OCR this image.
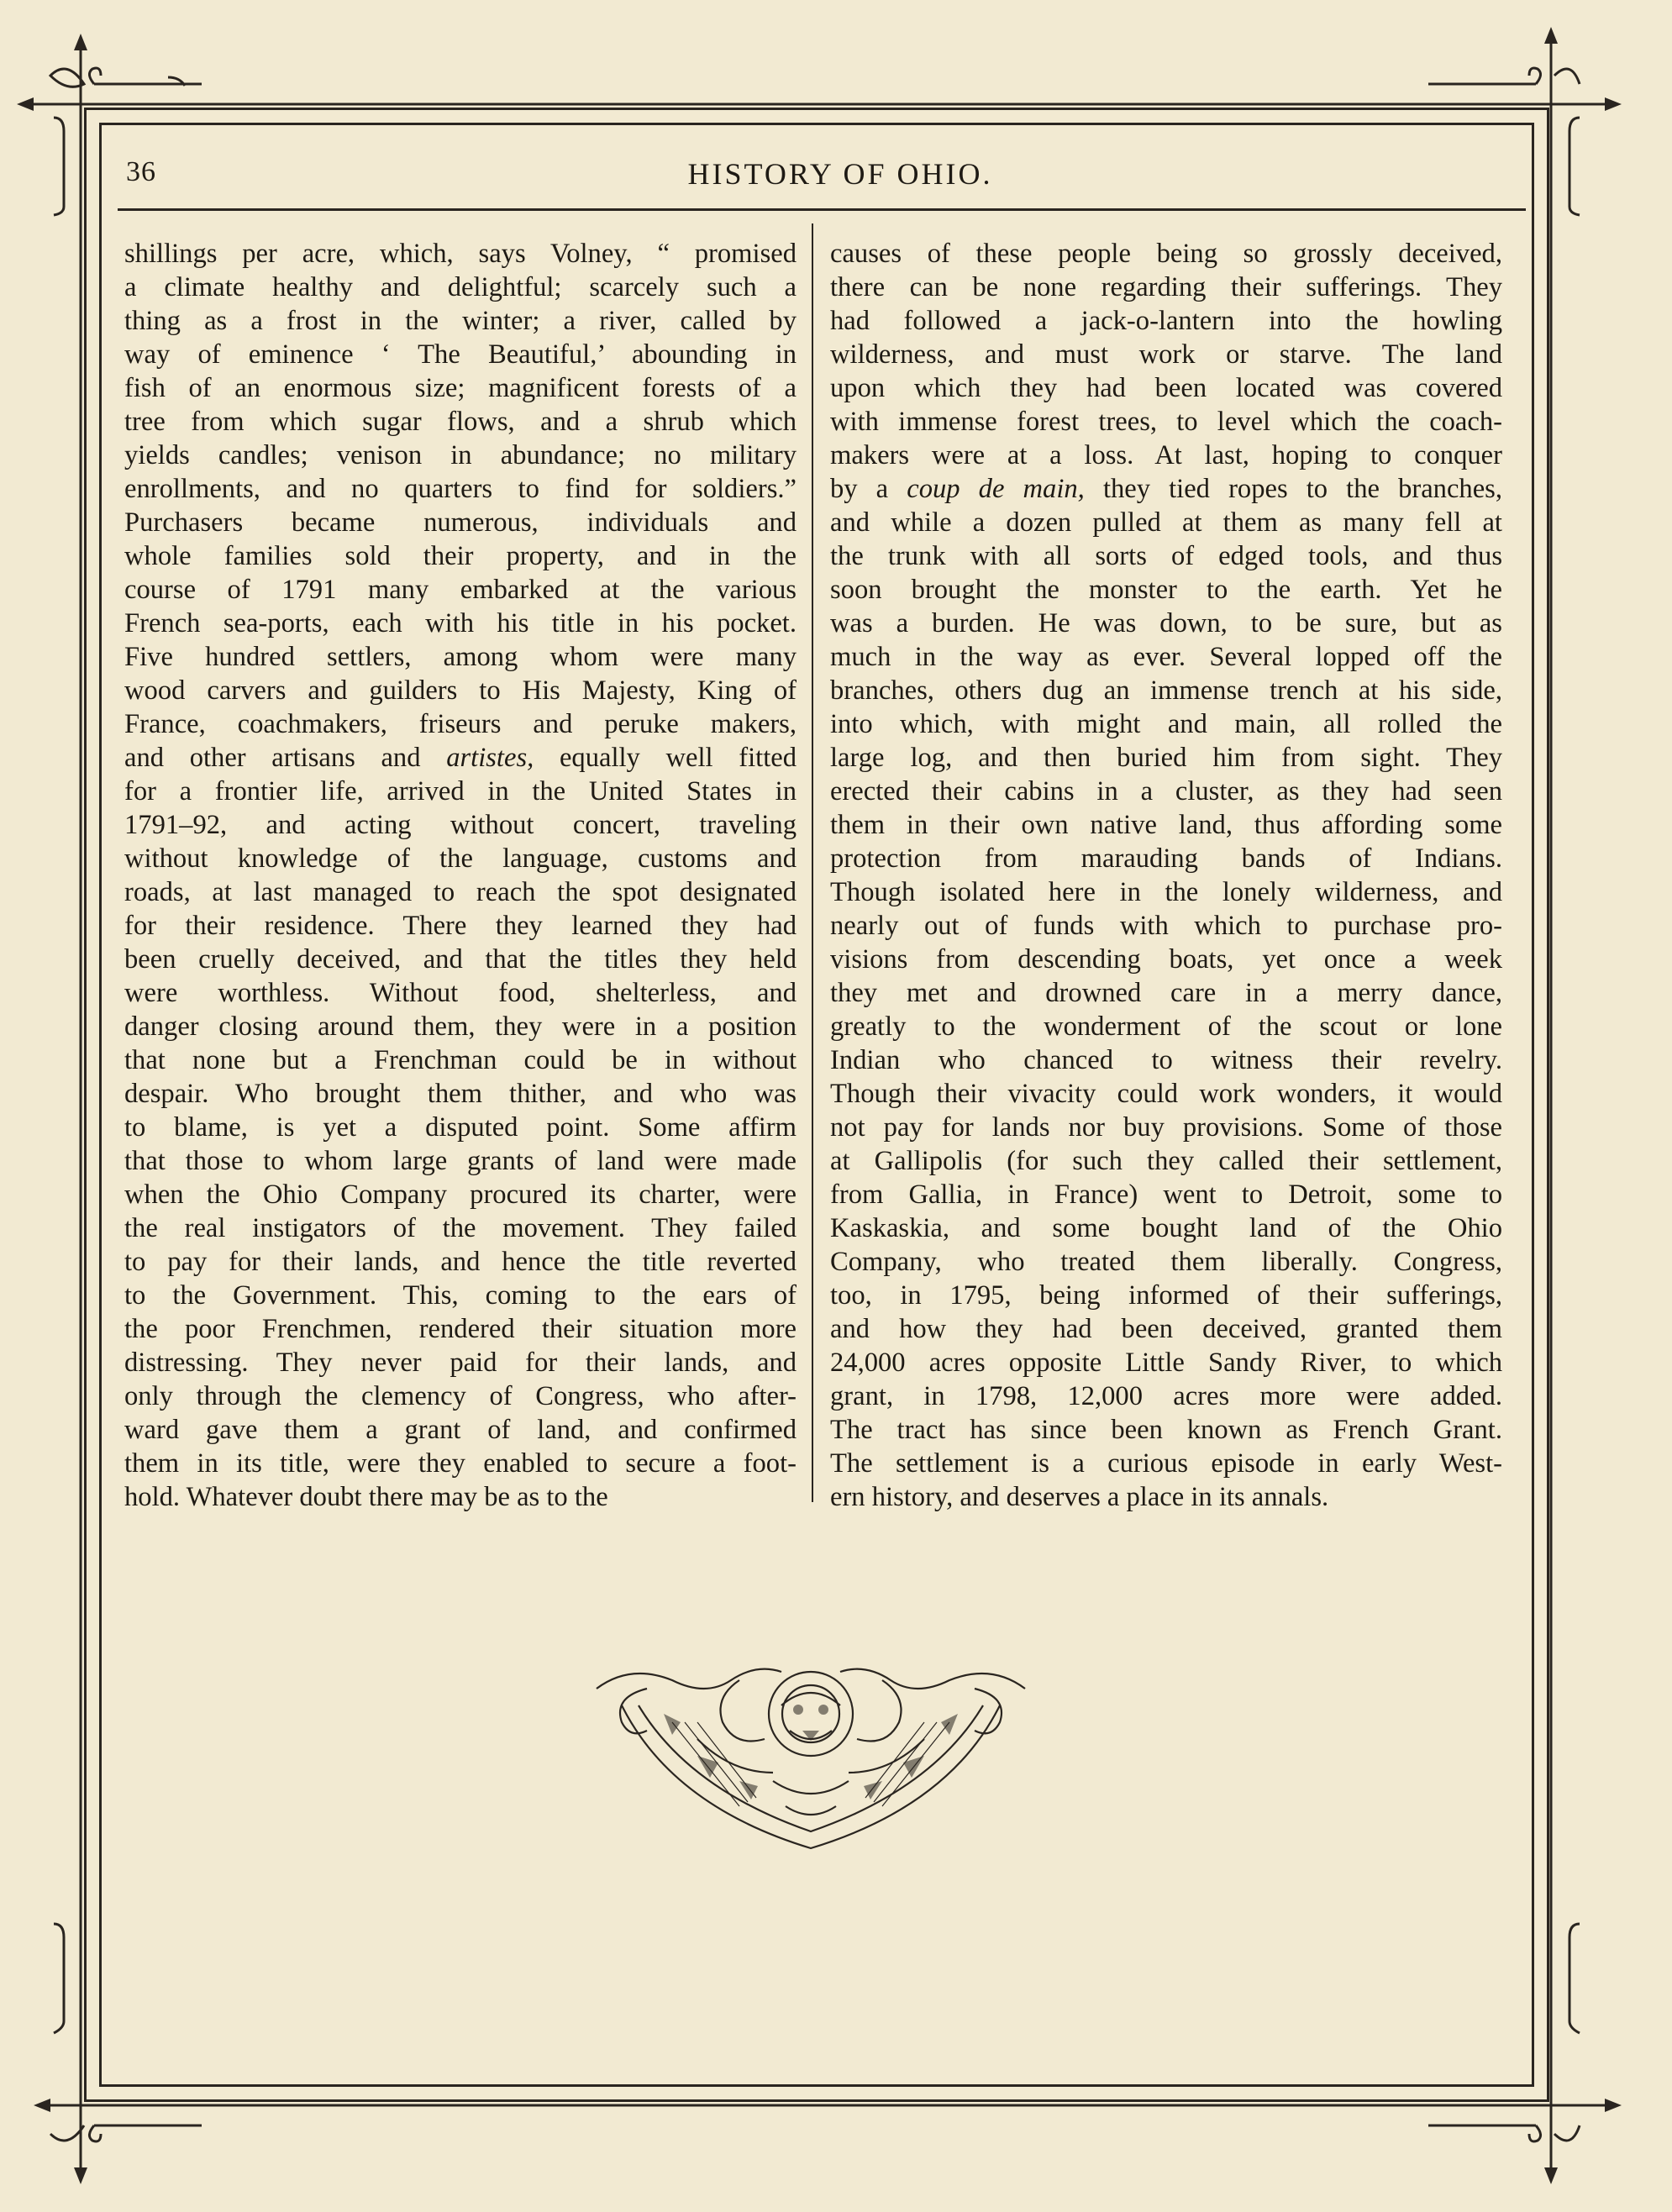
36	HISTORY OF OHIO.

shillings per acre, which, says Volney, “ promised

a climate healthy and delightful; scarcely such a

thing as a frost in the winter; a river, called by

way of eminence ‘ The Beautiful,’ abounding in

fish of an enormous size; magnificent forests of a

tree from which sugar flows, and a shrub which

yields candles; venison in abundance; no military

enrollments, and no quarters to find for soldiers.”

Purchasers became numerous, individuals and

whole families sold their property, and in the

course of 1791 many embarked at the various

French sea-ports, each with his title in his pocket.

Five hundred settlers, among whom were many

wood carvers and guilders to His Majesty, King of

France, coachmakers, friseurs and peruke makers,

and other artisans and artistes, equally well fitted

for a frontier life, arrived in the United States in

1791–92, and acting without concert, traveling

without knowledge of the language, customs and

roads, at last managed to reach the spot designated

for their residence. There they learned they had

been cruelly deceived, and that the titles they held

were worthless. Without food, shelterless, and

danger closing around them, they were in a position

that none but a Frenchman could be in without

despair. Who brought them thither, and who was

to blame, is yet a disputed point. Some affirm

that those to whom large grants of land were made

when the Ohio Company procured its charter, were

the real instigators of the movement. They failed

to pay for their lands, and hence the title reverted

to the Government. This, coming to the ears of

the poor Frenchmen, rendered their situation more

distressing. They never paid for their lands, and

only through the clemency of Congress, who after-

ward gave them a grant of land, and confirmed

them in its title, were they enabled to secure a foot-

hold. Whatever doubt there may be as to the

causes of these people being so grossly deceived,

there can be none regarding their sufferings. They

had followed a jack-o-lantern into the howling

wilderness, and must work or starve. The land

upon which they had been located was covered

with immense forest trees, to level which the coach-

makers were at a loss. At last, hoping to conquer

by a coup de main, they tied ropes to the branches,

and while a dozen pulled at them as many fell at

the trunk with all sorts of edged tools, and thus

soon brought the monster to the earth. Yet he

was a burden. He was down, to be sure, but as

much in the way as ever. Several lopped off the

branches, others dug an immense trench at his side,

into which, with might and main, all rolled the

large log, and then buried him from sight. They

erected their cabins in a cluster, as they had seen

them in their own native land, thus affording some

protection from marauding bands of Indians.

Though isolated here in the lonely wilderness, and

nearly out of funds with which to purchase pro-

visions from descending boats, yet once a week

they met and drowned care in a merry dance,

greatly to the wonderment of the scout or lone

Indian who chanced to witness their revelry.

Though their vivacity could work wonders, it would

not pay for lands nor buy provisions. Some of those

at Gallipolis (for such they called their settlement,

from Gallia, in France) went to Detroit, some to

Kaskaskia, and some bought land of the Ohio

Company, who treated them liberally. Congress,

too, in 1795, being informed of their sufferings,

and how they had been deceived, granted them

24,000 acres opposite Little Sandy River, to which

grant, in 1798, 12,000 acres more were added.

The tract has since been known as French Grant.

The settlement is a curious episode in early West-

ern history, and deserves a place in its annals.
